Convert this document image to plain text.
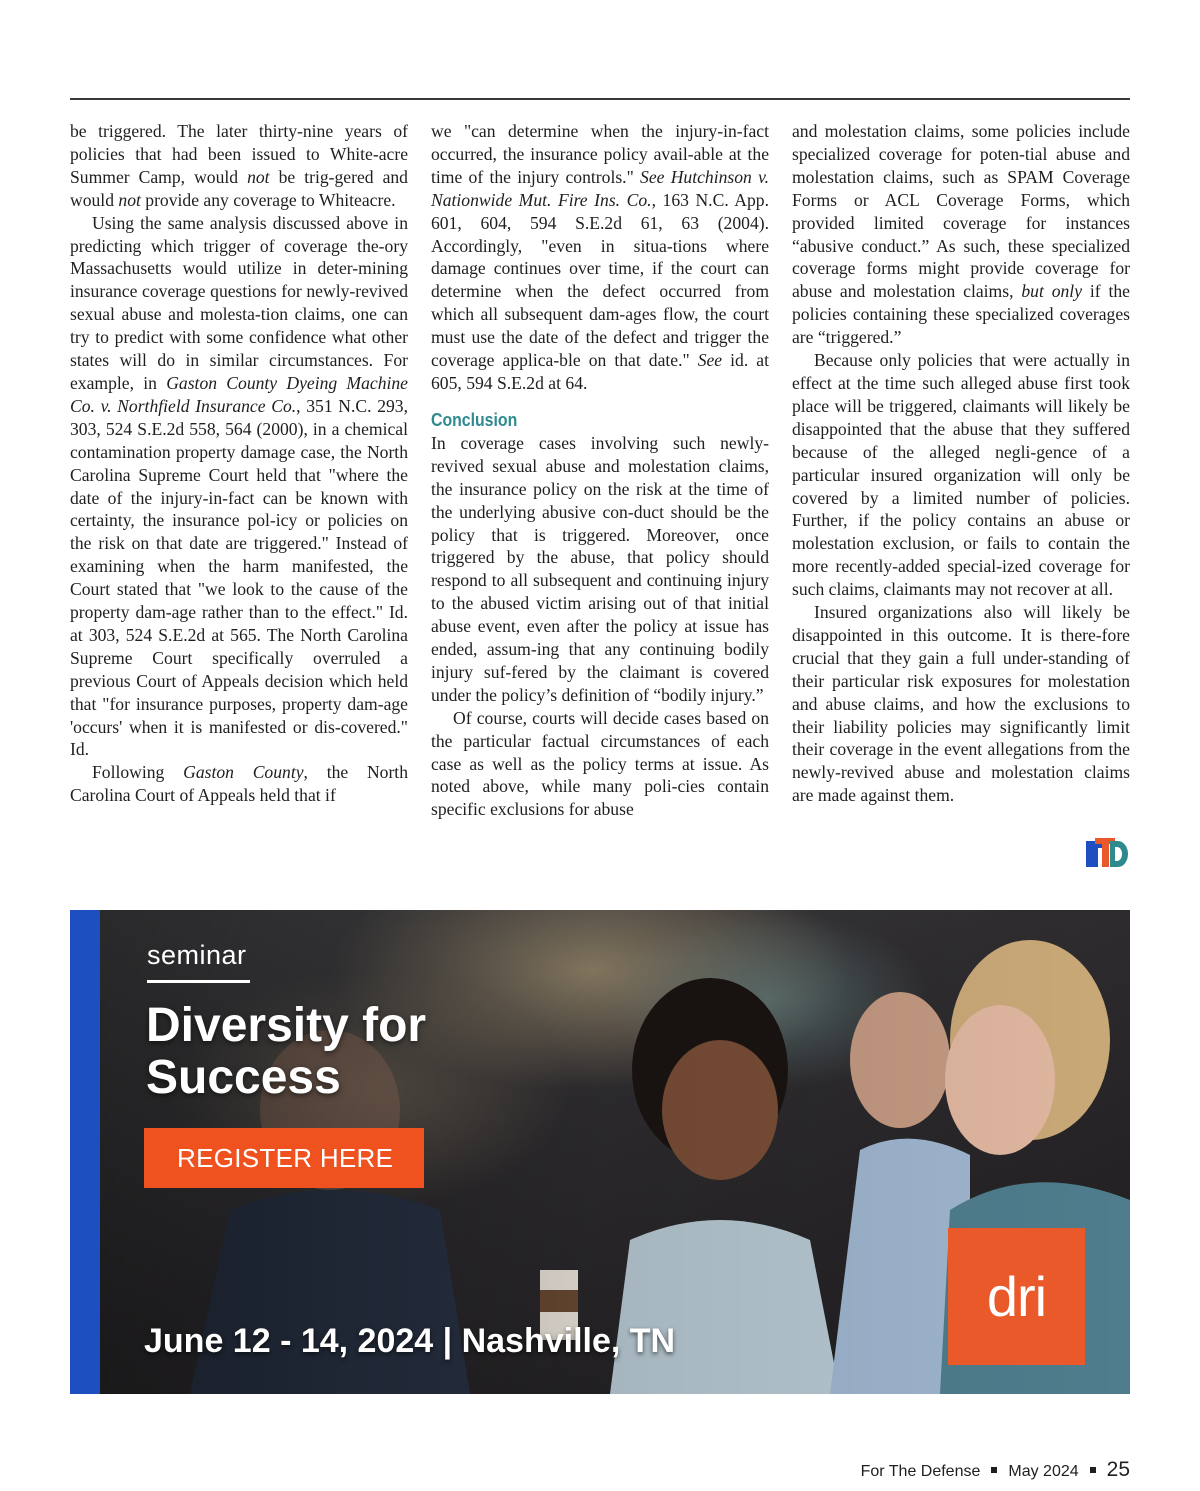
be triggered. The later thirty-nine years of policies that had been issued to White-acre Summer Camp, would not be trig-gered and would not provide any coverage to Whiteacre.

Using the same analysis discussed above in predicting which trigger of coverage the-ory Massachusetts would utilize in deter-mining insurance coverage questions for newly-revived sexual abuse and molesta-tion claims, one can try to predict with some confidence what other states will do in similar circumstances. For example, in Gaston County Dyeing Machine Co. v. Northfield Insurance Co., 351 N.C. 293, 303, 524 S.E.2d 558, 564 (2000), in a chemical contamination property damage case, the North Carolina Supreme Court held that "where the date of the injury-in-fact can be known with certainty, the insurance pol-icy or policies on the risk on that date are triggered." Instead of examining when the harm manifested, the Court stated that "we look to the cause of the property dam-age rather than to the effect." Id. at 303, 524 S.E.2d at 565. The North Carolina Supreme Court specifically overruled a previous Court of Appeals decision which held that "for insurance purposes, property dam-age 'occurs' when it is manifested or dis-covered." Id.

Following Gaston County, the North Carolina Court of Appeals held that if

we "can determine when the injury-in-fact occurred, the insurance policy avail-able at the time of the injury controls." See Hutchinson v. Nationwide Mut. Fire Ins. Co., 163 N.C. App. 601, 604, 594 S.E.2d 61, 63 (2004). Accordingly, "even in situa-tions where damage continues over time, if the court can determine when the defect occurred from which all subsequent dam-ages flow, the court must use the date of the defect and trigger the coverage applica-ble on that date." See id. at 605, 594 S.E.2d at 64.

Conclusion

In coverage cases involving such newly-revived sexual abuse and molestation claims, the insurance policy on the risk at the time of the underlying abusive con-duct should be the policy that is triggered. Moreover, once triggered by the abuse, that policy should respond to all subsequent and continuing injury to the abused victim arising out of that initial abuse event, even after the policy at issue has ended, assum-ing that any continuing bodily injury suf-fered by the claimant is covered under the policy’s definition of “bodily injury.”

Of course, courts will decide cases based on the particular factual circumstances of each case as well as the policy terms at issue. As noted above, while many poli-cies contain specific exclusions for abuse

and molestation claims, some policies include specialized coverage for poten-tial abuse and molestation claims, such as SPAM Coverage Forms or ACL Coverage Forms, which provided limited coverage for instances “abusive conduct.” As such, these specialized coverage forms might provide coverage for abuse and molestation claims, but only if the policies containing these specialized coverages are “triggered.”

Because only policies that were actually in effect at the time such alleged abuse first took place will be triggered, claimants will likely be disappointed that the abuse that they suffered because of the alleged negli-gence of a particular insured organization will only be covered by a limited number of policies. Further, if the policy contains an abuse or molestation exclusion, or fails to contain the more recently-added special-ized coverage for such claims, claimants may not recover at all.

Insured organizations also will likely be disappointed in this outcome. It is there-fore crucial that they gain a full under-standing of their particular risk exposures for molestation and abuse claims, and how the exclusions to their liability policies may significantly limit their coverage in the event allegations from the newly-revived abuse and molestation claims are made against them.

seminar
Diversity for
Success
REGISTER HERE
June 12 - 14, 2024 | Nashville, TN
dri
For The Defense May 2024 25
